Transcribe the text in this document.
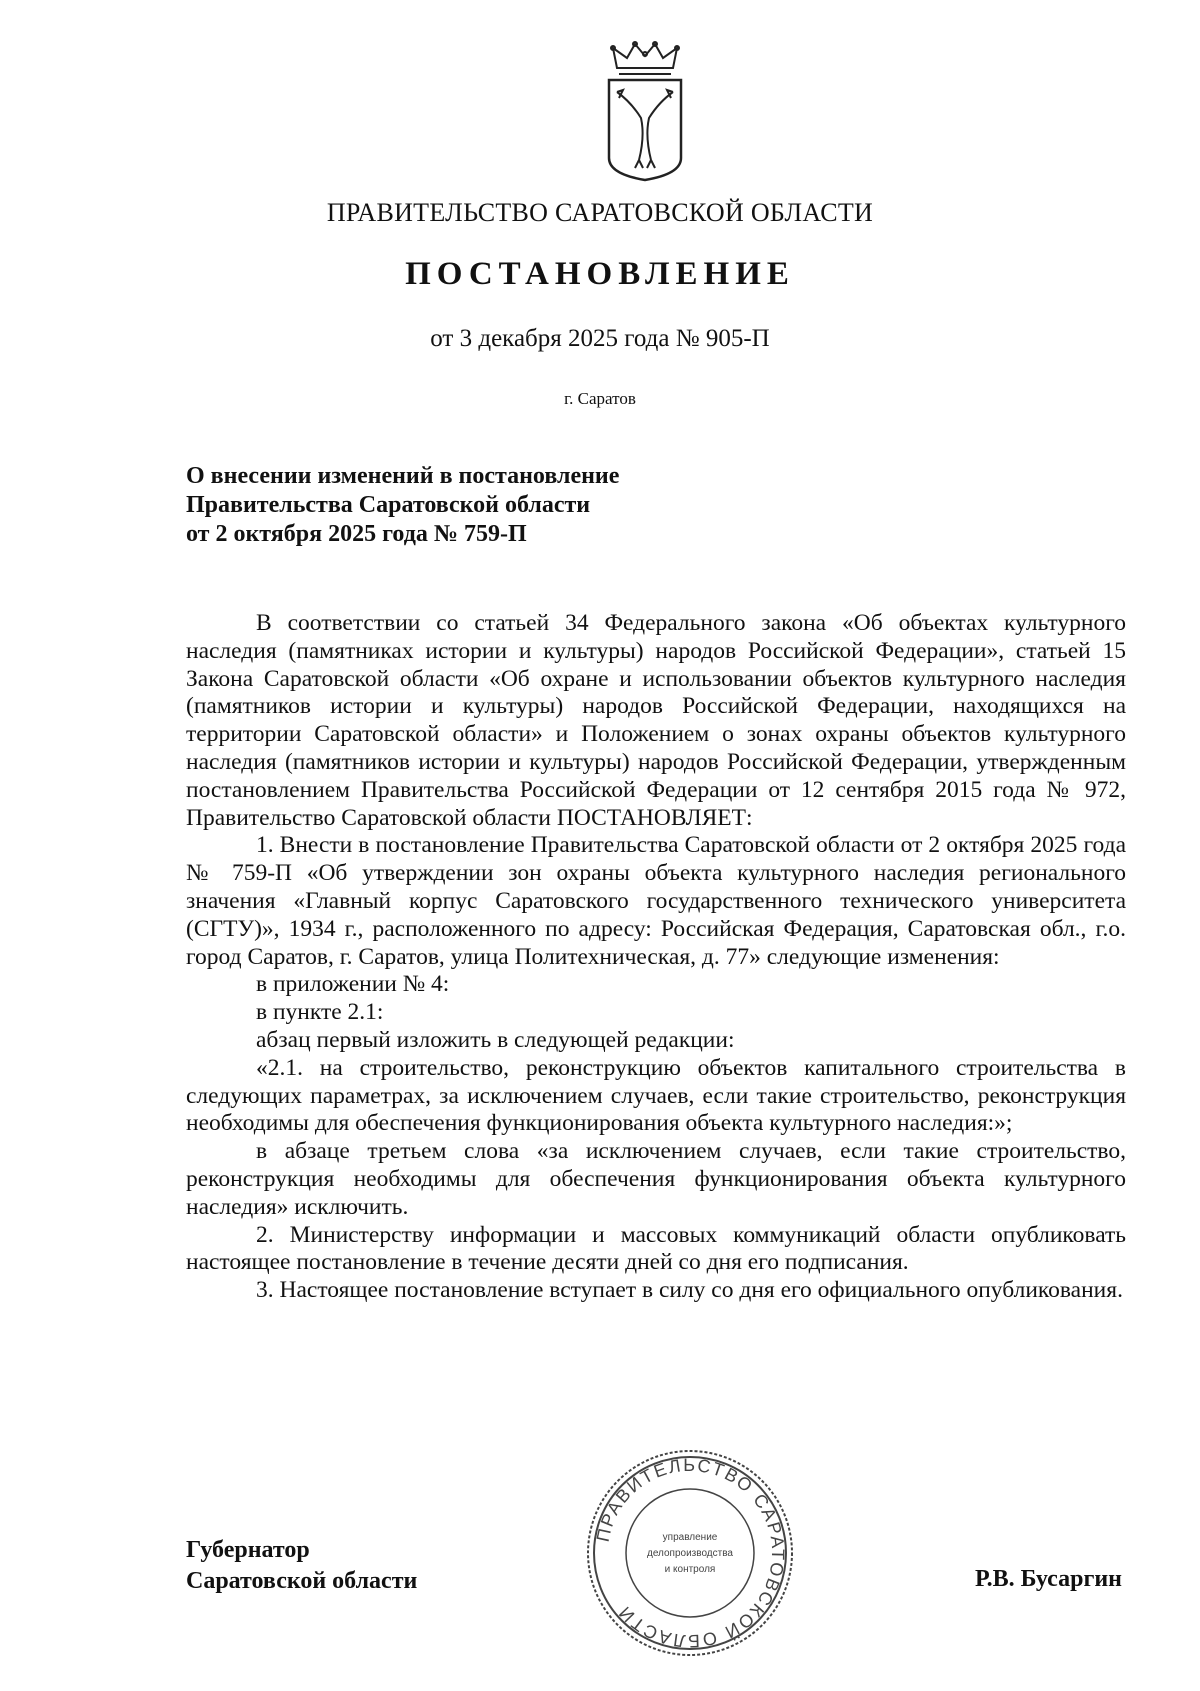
ПРАВИТЕЛЬСТВО САРАТОВСКОЙ ОБЛАСТИ
ПОСТАНОВЛЕНИЕ
от 3 декабря 2025 года № 905-П
г. Саратов
О внесении изменений в постановление
Правительства Саратовской области
от 2 октября 2025 года № 759-П

В соответствии со статьей 34 Федерального закона «Об объектах культурного наследия (памятниках истории и культуры) народов Российской Федерации», статьей 15 Закона Саратовской области «Об охране и использовании объектов культурного наследия (памятников истории и культуры) народов Российской Федерации, находящихся на территории Саратовской области» и Положением о зонах охраны объектов культурного наследия (памятников истории и культуры) народов Российской Федерации, утвержденным постановлением Правительства Российской Федерации от 12 сентября 2015 года № 972, Правительство Саратовской области ПОСТАНОВЛЯЕТ:

1. Внести в постановление Правительства Саратовской области от 2 октября 2025 года № 759-П «Об утверждении зон охраны объекта культурного наследия регионального значения «Главный корпус Саратовского государственного технического университета (СГТУ)», 1934 г., расположенного по адресу: Российская Федерация, Саратовская обл., г.о. город Саратов, г. Саратов, улица Политехническая, д. 77» следующие изменения:

в приложении № 4:

в пункте 2.1:

абзац первый изложить в следующей редакции:

«2.1. на строительство, реконструкцию объектов капитального строительства в следующих параметрах, за исключением случаев, если такие строительство, реконструкция необходимы для обеспечения функционирования объекта культурного наследия:»;

в абзаце третьем слова «за исключением случаев, если такие строительство, реконструкция необходимы для обеспечения функционирования объекта культурного наследия» исключить.

2. Министерству информации и массовых коммуникаций области опубликовать настоящее постановление в течение десяти дней со дня его подписания.

3. Настоящее постановление вступает в силу со дня его официального опубликования.

ПРАВИТЕЛЬСТВО САРАТОВСКОЙ ОБЛАСТИ
управление
делопроизводства
и контроля
Губернатор
Саратовской области	Р.В. Бусаргин
